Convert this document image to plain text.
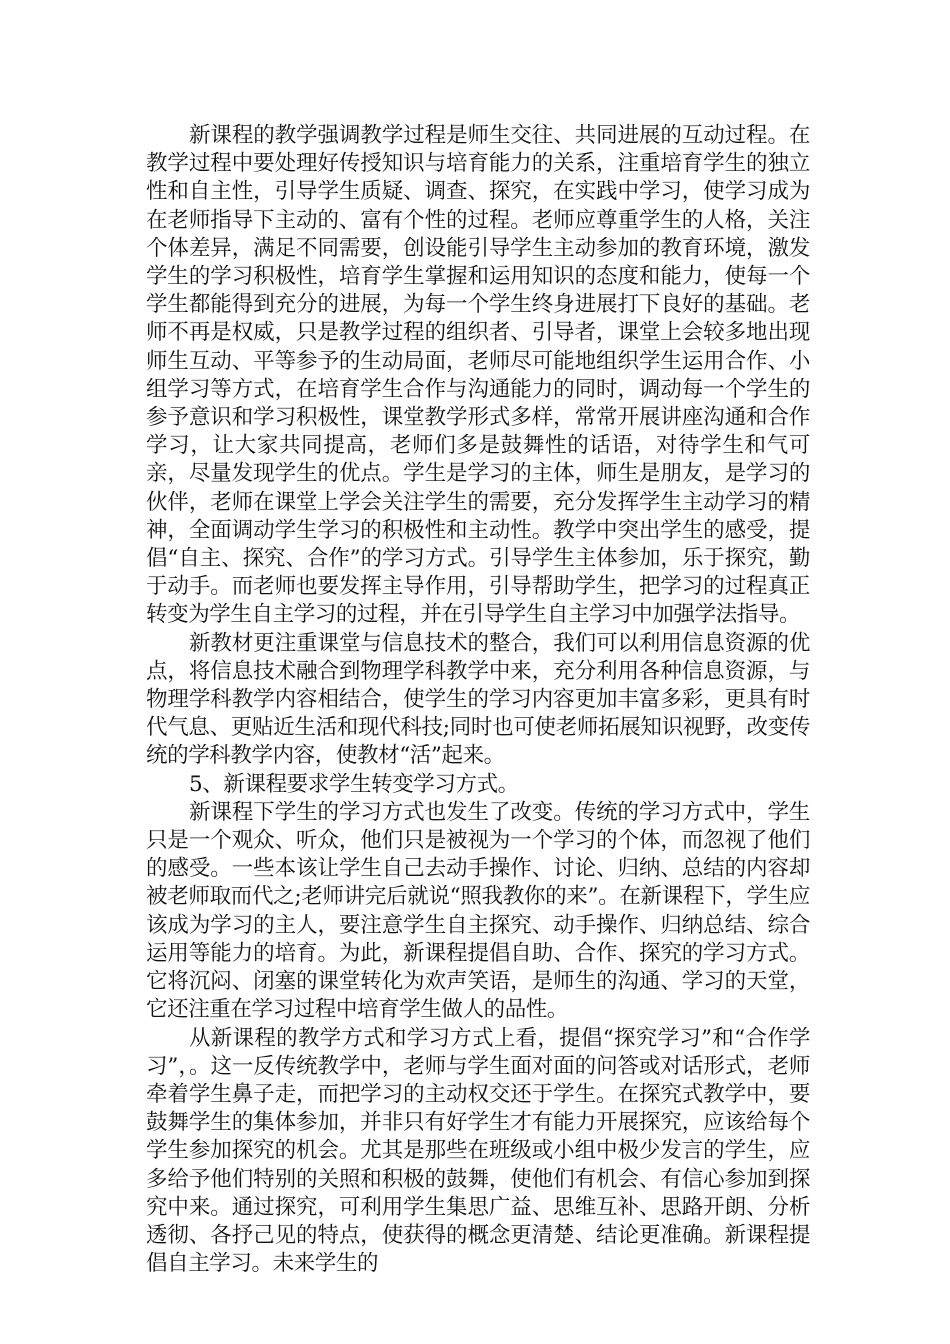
新课程的教学强调教学过程是师生交往、共同进展的互动过程。在教学过程中要处理好传授知识与培育能力的关系，注重培育学生的独立性和自主性，引导学生质疑、调查、探究，在实践中学习，使学习成为在老师指导下主动的、富有个性的过程。老师应尊重学生的人格，关注个体差异，满足不同需要，创设能引导学生主动参加的教育环境，激发学生的学习积极性，培育学生掌握和运用知识的态度和能力，使每一个学生都能得到充分的进展，为每一个学生终身进展打下良好的基础。老师不再是权威，只是教学过程的组织者、引导者，课堂上会较多地出现师生互动、平等参予的生动局面，老师尽可能地组织学生运用合作、小组学习等方式，在培育学生合作与沟通能力的同时，调动每一个学生的参予意识和学习积极性，课堂教学形式多样，常常开展讲座沟通和合作学习，让大家共同提高，老师们多是鼓舞性的话语，对待学生和气可亲，尽量发现学生的优点。学生是学习的主体，师生是朋友，是学习的伙伴，老师在课堂上学会关注学生的需要，充分发挥学生主动学习的精神，全面调动学生学习的积极性和主动性。教学中突出学生的感受，提倡“自主、探究、合作”的学习方式。引导学生主体参加，乐于探究，勤于动手。而老师也要发挥主导作用，引导帮助学生，把学习的过程真正转变为学生自主学习的过程，并在引导学生自主学习中加强学法指导。

新教材更注重课堂与信息技术的整合，我们可以利用信息资源的优点，将信息技术融合到物理学科教学中来，充分利用各种信息资源，与物理学科教学内容相结合，使学生的学习内容更加丰富多彩，更具有时代气息、更贴近生活和现代科技;同时也可使老师拓展知识视野，改变传统的学科教学内容，使教材“活”起来。

5、新课程要求学生转变学习方式。

新课程下学生的学习方式也发生了改变。传统的学习方式中，学生只是一个观众、听众，他们只是被视为一个学习的个体，而忽视了他们的感受。一些本该让学生自己去动手操作、讨论、归纳、总结的内容却被老师取而代之;老师讲完后就说“照我教你的来”。在新课程下，学生应该成为学习的主人，要注意学生自主探究、动手操作、归纳总结、综合运用等能力的培育。为此，新课程提倡自助、合作、探究的学习方式。它将沉闷、闭塞的课堂转化为欢声笑语，是师生的沟通、学习的天堂，它还注重在学习过程中培育学生做人的品性。

从新课程的教学方式和学习方式上看，提倡“探究学习”和“合作学习”，。这一反传统教学中，老师与学生面对面的问答或对话形式，老师牵着学生鼻子走，而把学习的主动权交还于学生。在探究式教学中，要鼓舞学生的集体参加，并非只有好学生才有能力开展探究，应该给每个学生参加探究的机会。尤其是那些在班级或小组中极少发言的学生，应多给予他们特别的关照和积极的鼓舞，使他们有机会、有信心参加到探究中来。通过探究，可利用学生集思广益、思维互补、思路开朗、分析透彻、各抒己见的特点，使获得的概念更清楚、结论更准确。新课程提倡自主学习。未来学生的
